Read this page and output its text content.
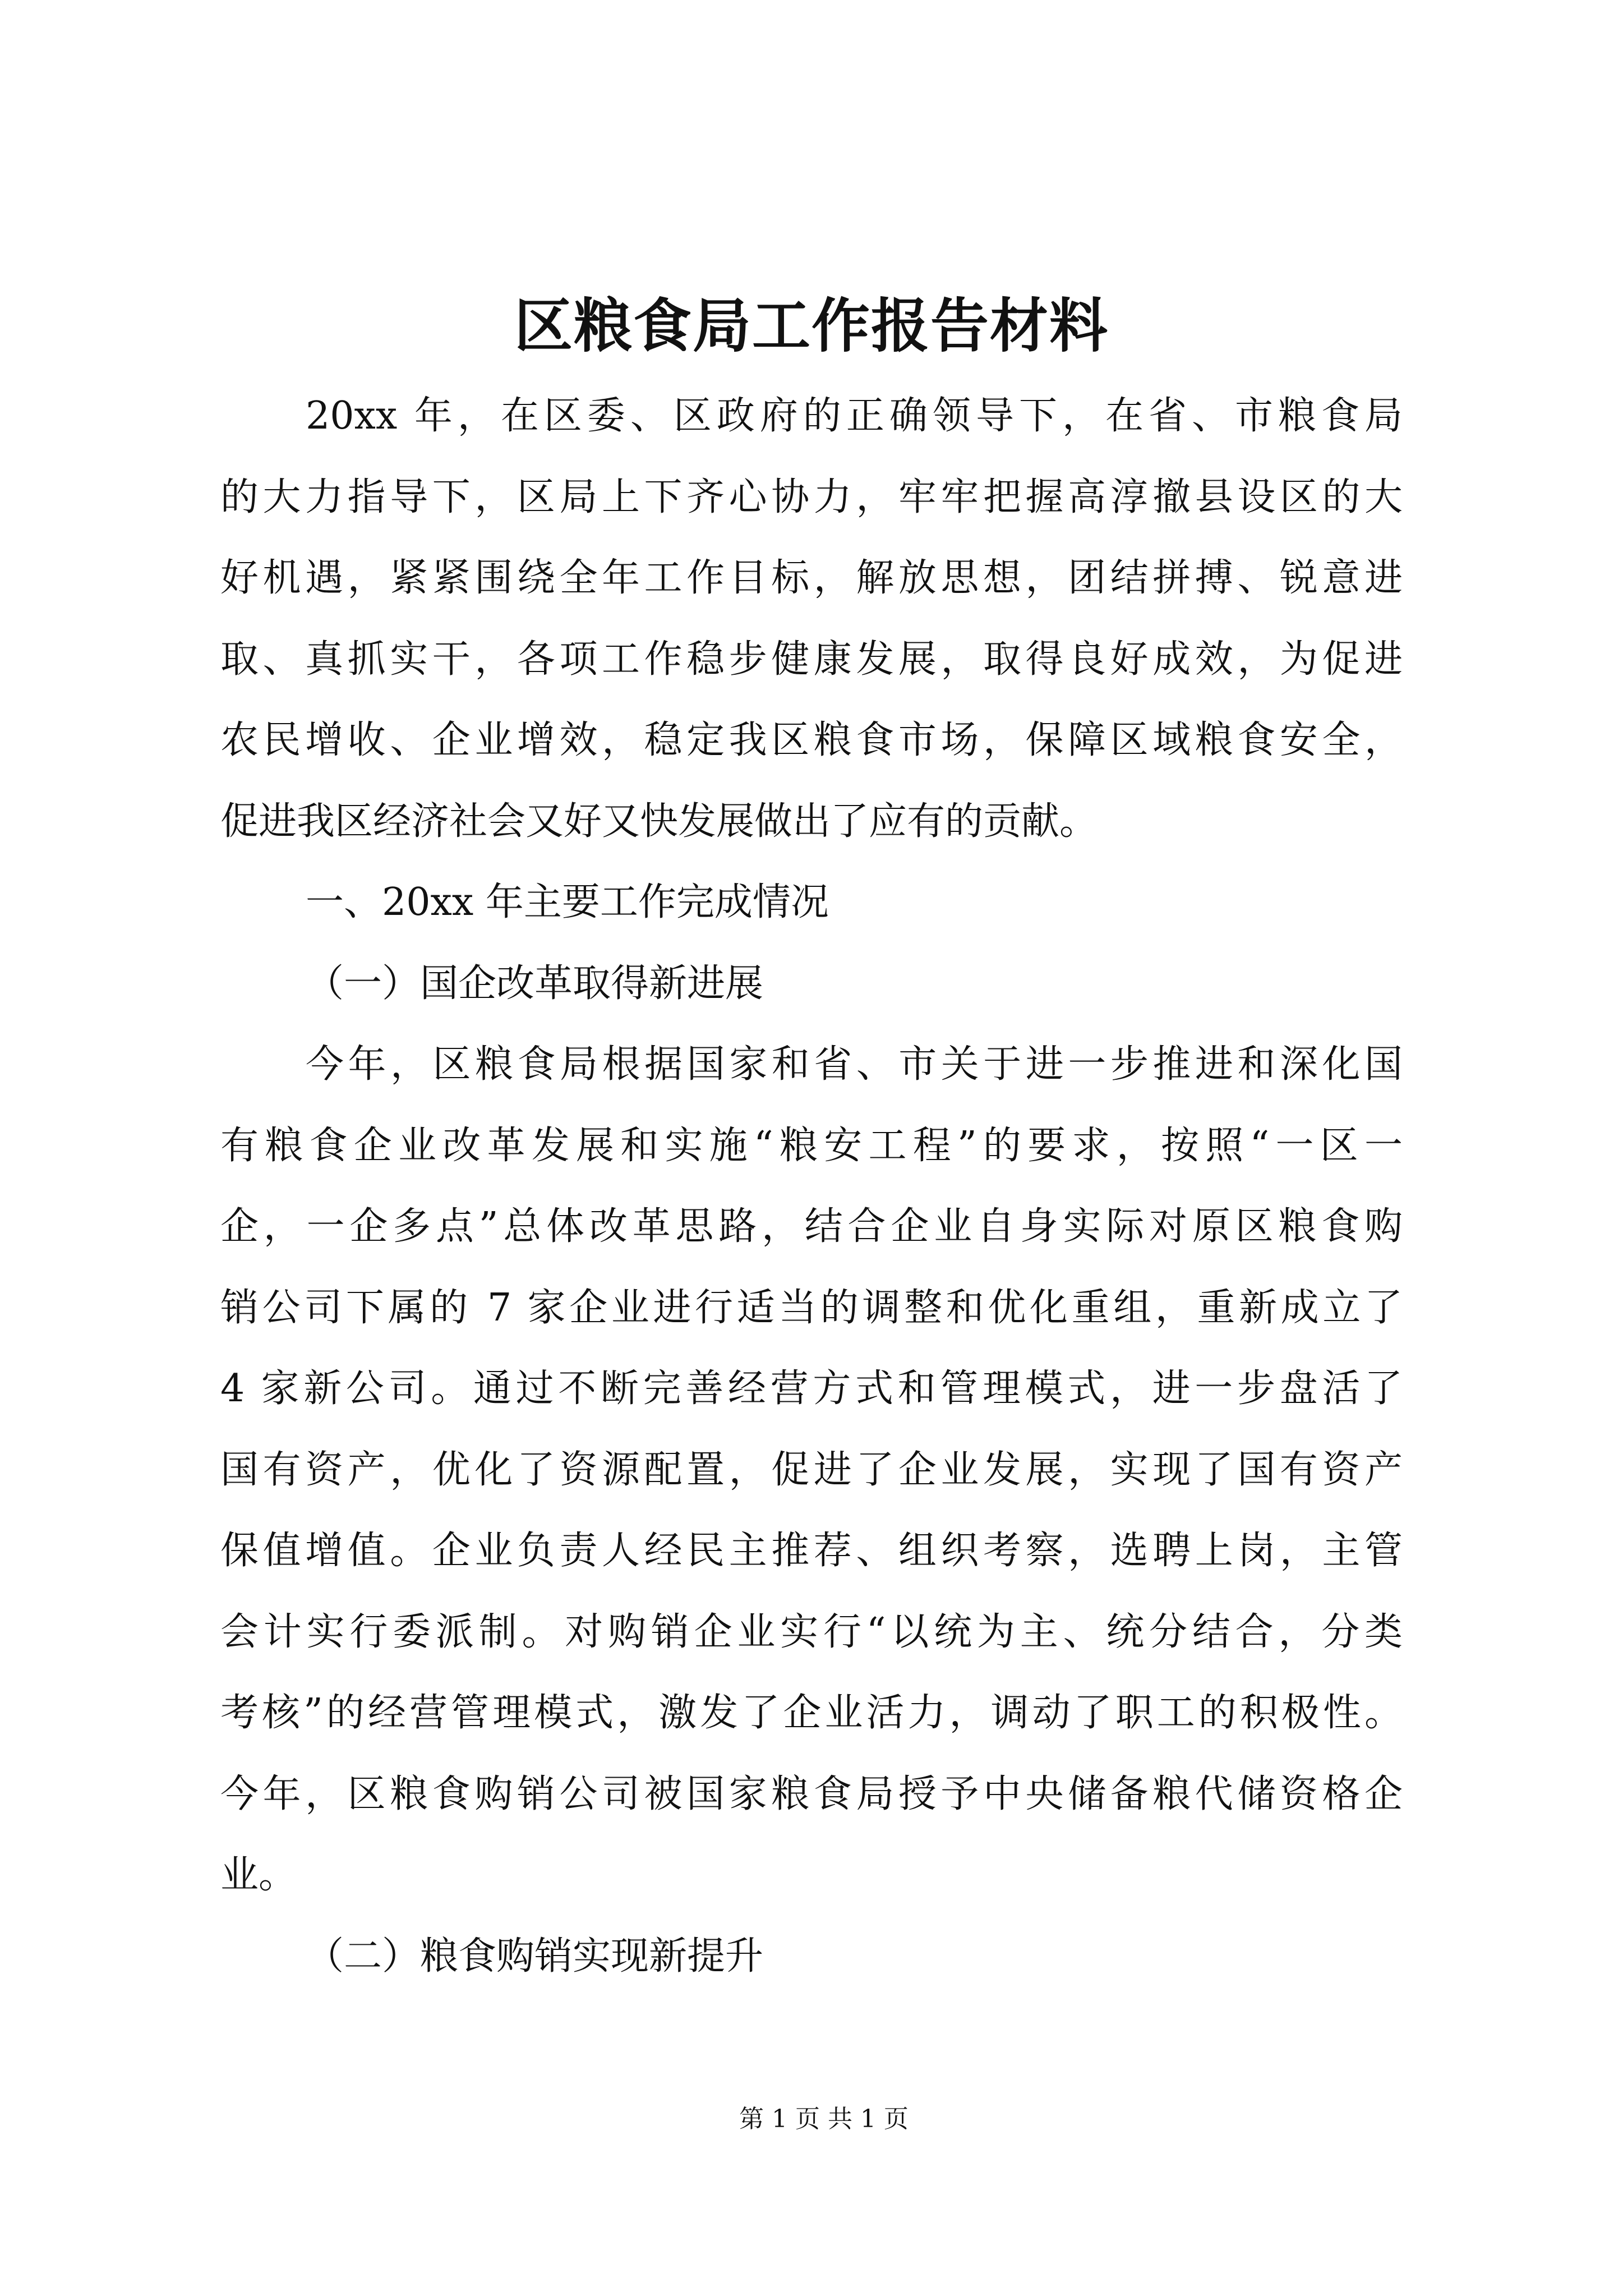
区粮食局工作报告材料
20xx 年，在区委、区政府的正确领导下，在省、市粮食局
的大力指导下，区局上下齐心协力，牢牢把握高淳撤县设区的大
好机遇，紧紧围绕全年工作目标，解放思想，团结拼搏、锐意进
取、真抓实干，各项工作稳步健康发展，取得良好成效，为促进
农民增收、企业增效，稳定我区粮食市场，保障区域粮食安全，
促进我区经济社会又好又快发展做出了应有的贡献。
一、20xx 年主要工作完成情况
（一）国企改革取得新进展
今年，区粮食局根据国家和省、市关于进一步推进和深化国
有粮食企业改革发展和实施“粮安工程”的要求，按照“一区一
企，一企多点”总体改革思路，结合企业自身实际对原区粮食购
销公司下属的 7 家企业进行适当的调整和优化重组，重新成立了
4 家新公司。通过不断完善经营方式和管理模式，进一步盘活了
国有资产，优化了资源配置，促进了企业发展，实现了国有资产
保值增值。企业负责人经民主推荐、组织考察，选聘上岗，主管
会计实行委派制。对购销企业实行“以统为主、统分结合，分类
考核”的经营管理模式，激发了企业活力，调动了职工的积极性。
今年，区粮食购销公司被国家粮食局授予中央储备粮代储资格企
业。
（二）粮食购销实现新提升
第 1 页 共 1 页
